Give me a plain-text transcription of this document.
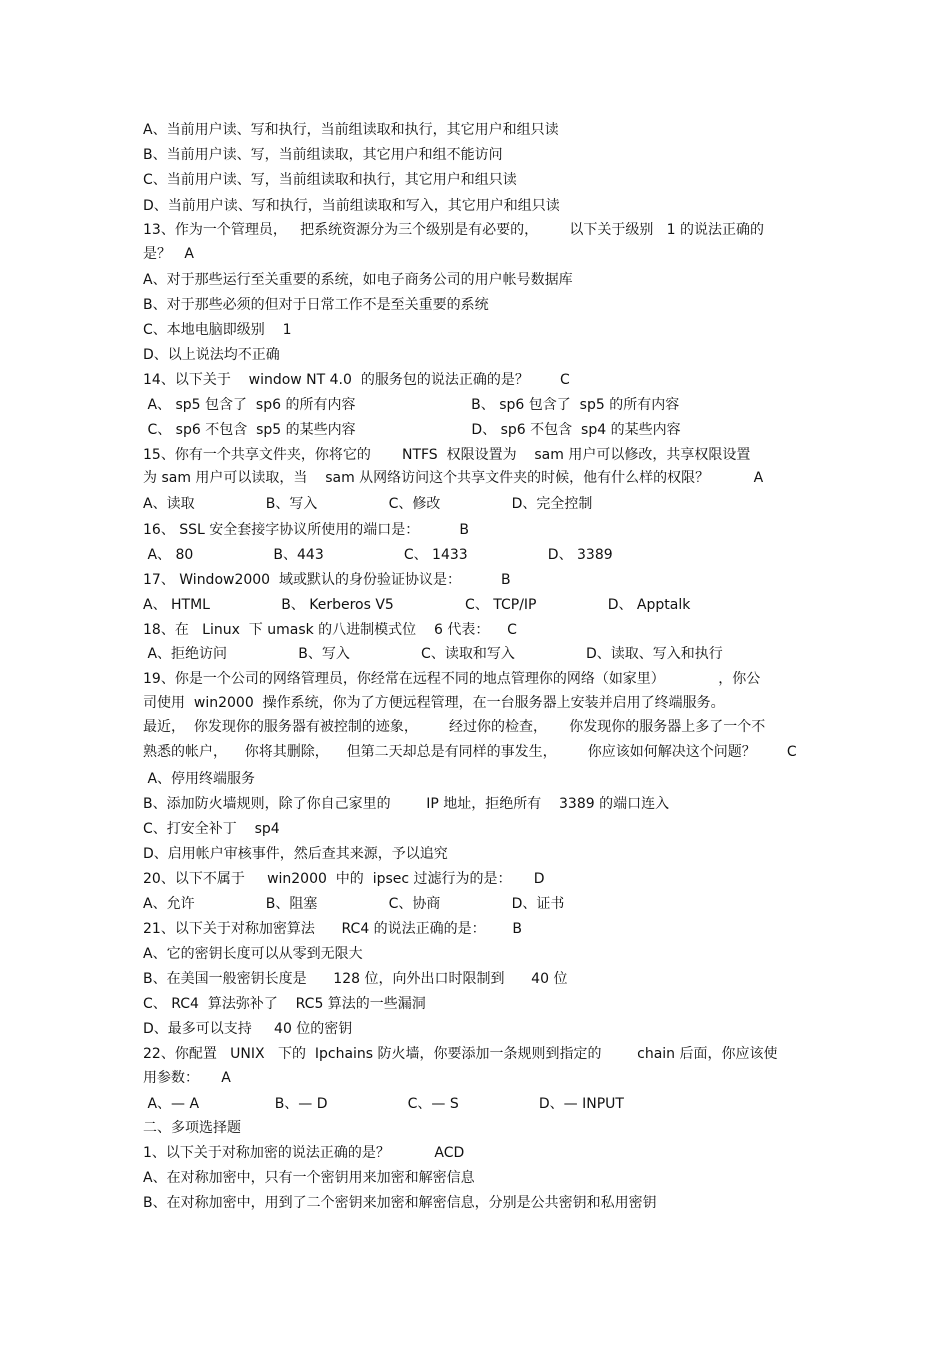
A、当前用户读、写和执行，当前组读取和执行，其它用户和组只读
B、当前用户读、写，当前组读取，其它用户和组不能访问
C、当前用户读、写，当前组读取和执行，其它用户和组只读
D、当前用户读、写和执行，当前组读取和写入，其它用户和组只读
13、作为一个管理员，   把系统资源分为三个级别是有必要的，       以下关于级别   1 的说法正确的
是？   A
A、对于那些运行至关重要的系统，如电子商务公司的用户帐号数据库
B、对于那些必须的但对于日常工作不是至关重要的系统
C、本地电脑即级别    1
D、以上说法均不正确
14、以下关于    window NT 4.0  的服务包的说法正确的是？       C
A、 sp5 包含了  sp6 的所有内容                          B、 sp6 包含了  sp5 的所有内容
C、 sp6 不包含  sp5 的某些内容                          D、 sp6 不包含  sp4 的某些内容
15、你有一个共享文件夹，你将它的       NTFS  权限设置为    sam 用户可以修改，共享权限设置
为 sam 用户可以读取，当    sam 从网络访问这个共享文件夹的时候，他有什么样的权限？          A
A、读取                B、写入                C、修改                D、完全控制
16、 SSL 安全套接字协议所使用的端口是：         B
A、 80                  B、443                  C、 1433                  D、 3389
17、 Window2000  域或默认的身份验证协议是：         B
A、 HTML                B、 Kerberos V5                C、 TCP/IP                D、 Apptalk
18、在   Linux  下 umask 的八进制模式位    6 代表：    C
A、拒绝访问                B、写入                C、读取和写入                D、读取、写入和执行
19、你是一个公司的网络管理员，你经常在远程不同的地点管理你的网络（如家里）            ，你公
司使用  win2000  操作系统，你为了方便远程管理，在一台服务器上安装并启用了终端服务。
最近，  你发现你的服务器有被控制的迹象，       经过你的检查，     你发现你的服务器上多了一个不
熟悉的帐户，    你将其删除，    但第二天却总是有同样的事发生，       你应该如何解决这个问题？       C
A、停用终端服务
B、添加防火墙规则，除了你自己家里的        IP 地址，拒绝所有    3389 的端口连入
C、打安全补丁    sp4
D、启用帐户审核事件，然后查其来源，予以追究
20、以下不属于     win2000  中的  ipsec 过滤行为的是：     D
A、允许                B、阻塞                C、协商                D、证书
21、以下关于对称加密算法      RC4 的说法正确的是：      B
A、它的密钥长度可以从零到无限大
B、在美国一般密钥长度是      128 位，向外出口时限制到      40 位
C、 RC4  算法弥补了    RC5 算法的一些漏洞
D、最多可以支持     40 位的密钥
22、你配置   UNIX   下的  Ipchains 防火墙，你要添加一条规则到指定的        chain 后面，你应该使
用参数：     A
A、— A                 B、— D                  C、— S                  D、— INPUT
二、多项选择题
1、以下关于对称加密的说法正确的是？          ACD
A、在对称加密中，只有一个密钥用来加密和解密信息
B、在对称加密中，用到了二个密钥来加密和解密信息，分别是公共密钥和私用密钥
